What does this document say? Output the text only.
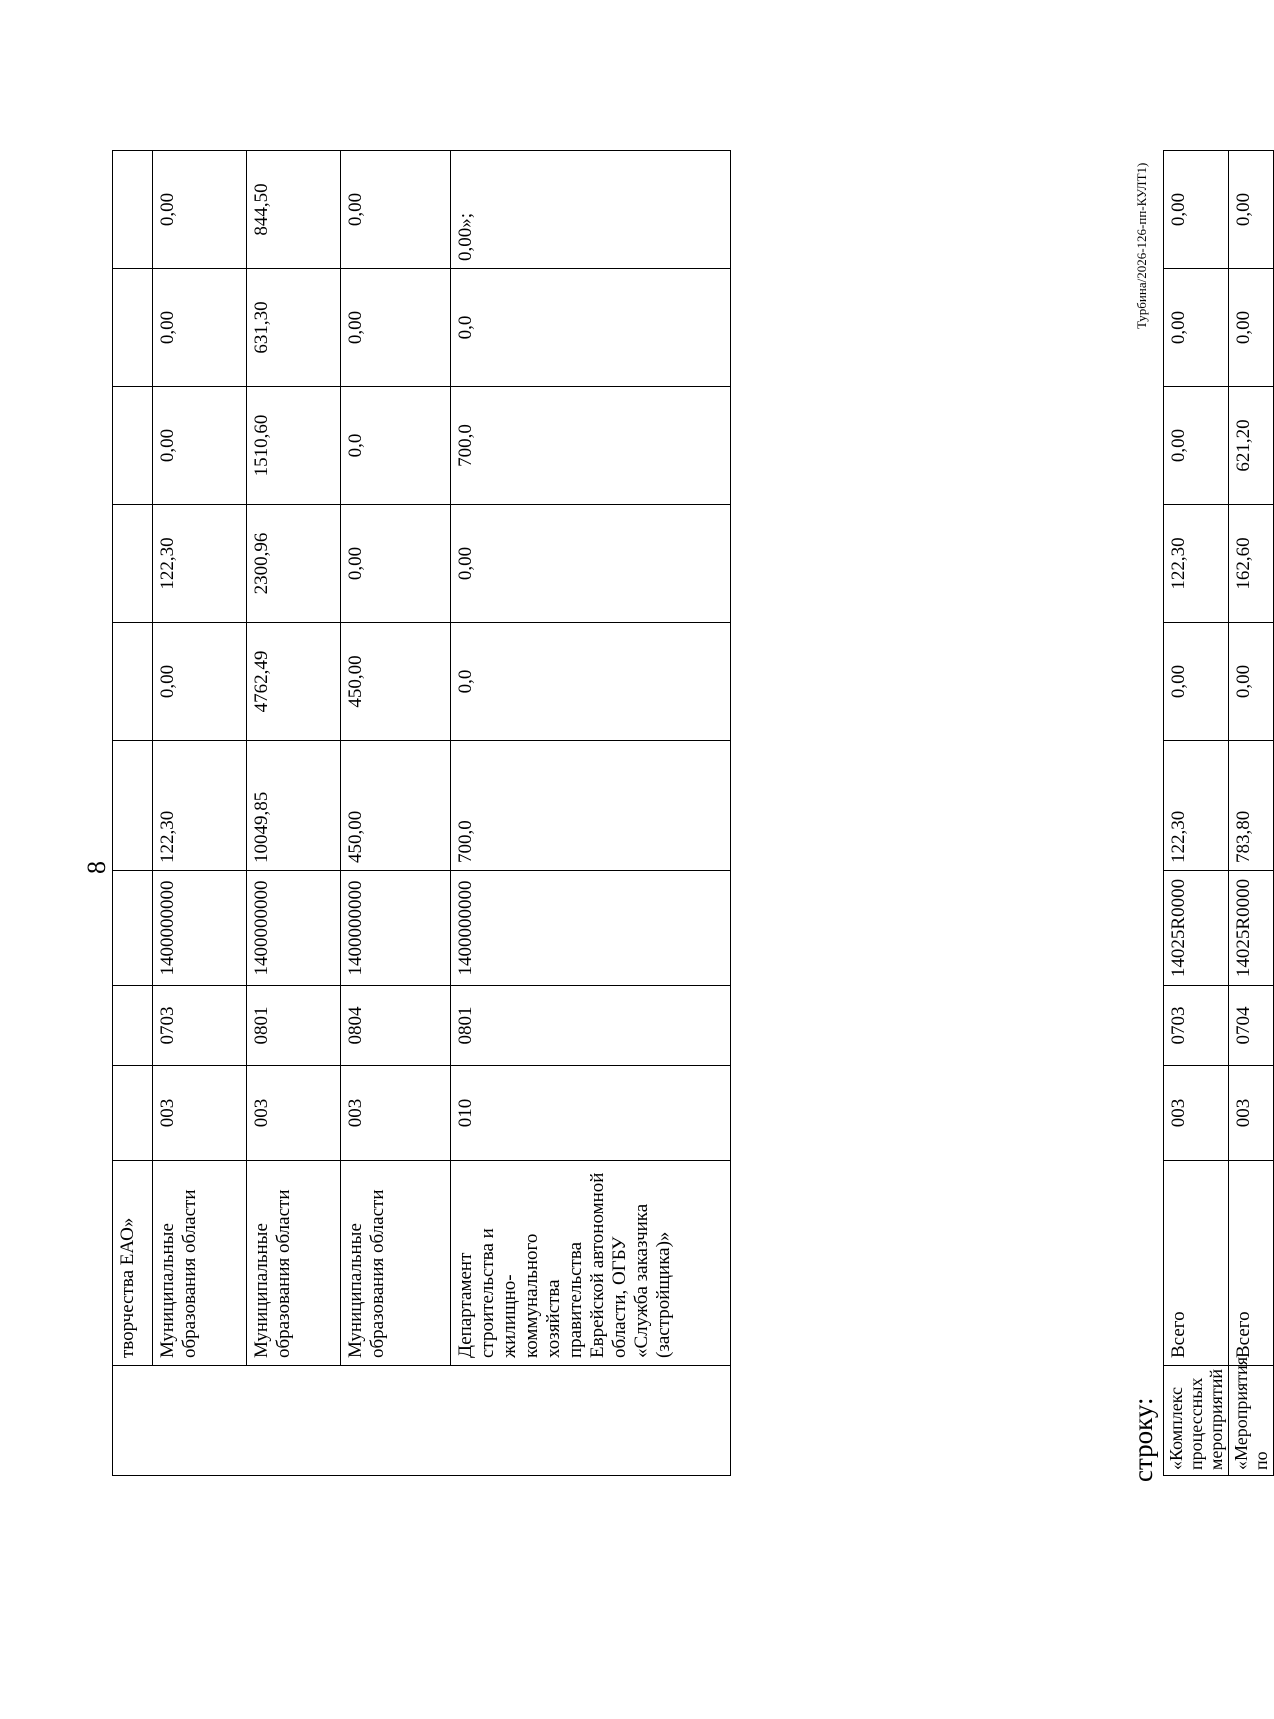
8
	творчества ЕАО»									
	Муниципальные образования области	003	0703	1400000000	122,30	0,00	122,30	0,00	0,00	0,00
	Муниципальные образования области	003	0801	1400000000	10049,85	4762,49	2300,96	1510,60	631,30	844,50
	Муниципальные образования области	003	0804	1400000000	450,00	450,00	0,00	0,0	0,00	0,00
	Департамент строительства и жилищно-коммунального хозяйства правительства Еврейской автономной области, ОГБУ «Служба заказчика (застройщика)»	010	0801	1400000000	700,0	0,0	0,00	700,0	0,0	0,00»;
строку: «Комплекс процессных мероприятий	Всего	003	0703	14025R0000	122,30	0,00	122,30	0,00	0,00	0,00
«Мероприятия по	Всего	003	0704	14025R0000	783,80	0,00	162,60	621,20	0,00	0,00
Турбина/2026-126-пп-КУЛТ1)
